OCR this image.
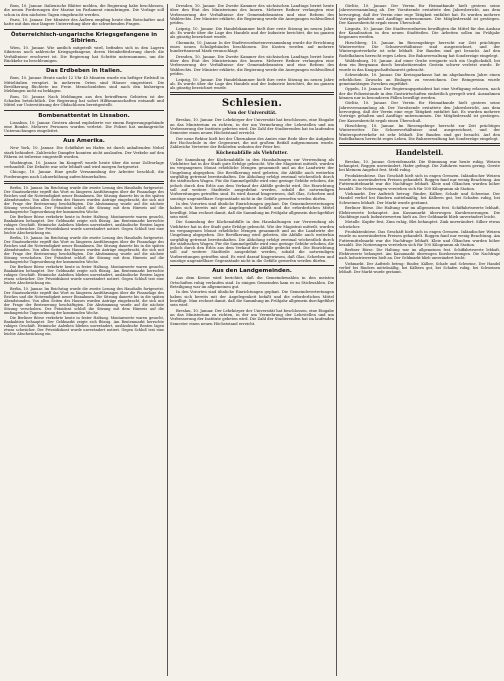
Rom, 10. Januar. Italienische Blätter melden, die Regierung habe beschlossen, die neuen Forderungen der Marine im Parlament einzubringen. Die Vorlage soll schon in den nächsten Tagen eingebracht werden.

Paris, 10. Januar. Der Minister des Äußern empfing heute den Botschafter und hatte mit ihm eine längere Unterredung über die schwebenden Fragen.

Österreichisch-ungarische Kriegsgefangene in Sibirien.

Wien, 10. Januar. Wie amtlich mitgeteilt wird, befinden sich in den Lagern Sibiriens noch zahlreiche Kriegsgefangene, deren Heimbeförderung durch die Verhältnisse erschwert ist. Die Regierung hat Schritte unternommen, um die Rückkehr zu beschleunigen.

Das Erdbeben in Italien.

Rom, 10. Januar. Heute nacht 12 Uhr 45 Minuten wurde ein heftiger Erdstoß in Mittelitalien verspürt. In mehreren Orten sind Häuser eingestürzt. Die Bevölkerung flüchtete ins Freie. Menschenleben sind nach den bisherigen Meldungen nicht zu beklagen.

Rom, 10. Januar. Nach Meldungen aus den betroffenen Gebieten ist der Schaden beträchtlich. Die Regierung hat sofort Hilfsmannschaften entsandt und Mittel zur Unterstützung der Obdachlosen bereitgestellt.

Bombenattentat in Lissabon.

Lissabon, 10. Januar. Gestern abend explodierte vor einem Regierungsgebäude eine Bombe. Mehrere Personen wurden verletzt. Die Polizei hat umfangreiche Untersuchungen eingeleitet.

Aus Amerika.

New York, 10. Januar. Die Schiffahrt im Hafen ist durch anhaltenden Nebel stark behindert. Zahlreiche Dampfer konnten nicht auslaufen. Der Verkehr auf den Fähren ist teilweise eingestellt worden.

Washington, 10. Januar. Im Kongreß wurde heute über die neue Zollvorlage verhandelt. Die Debatte war sehr lebhaft und wird morgen fortgesetzt.

Chicago, 10. Januar. Eine große Versammlung der Arbeiter beschloß, die Forderungen nach Lohnerhöhung aufrechtzuerhalten.

Berlin, 10. Januar. Im Reichstag wurde die zweite Lesung des Haushalts fortgesetzt. Der Staatssekretär ergriff das Wort zu längeren Ausführungen über die Finanzlage des Reiches und die Notwendigkeit neuer Einnahmen. Die Sitzung dauerte bis in die späten Abendstunden. Von allen Seiten des Hauses wurden Anträge eingebracht, die sich mit der Frage der Besteuerung beschäftigten. Die Abstimmung wurde auf die nächste Sitzung verschoben. Der Präsident schloß die Sitzung mit dem Hinweis auf die umfangreiche Tagesordnung der kommenden Woche.

Die Berliner Börse verkehrte heute in fester Haltung. Montanwerte waren gesucht, Bankaktien behauptet. Der Geldmarkt zeigte sich flüssig. Am Rentenmarkt herrschte ruhiges Geschäft. Heimische Anleihen blieben unverändert, ausländische Renten lagen etwas schwächer. Der Privatdiskont wurde unverändert notiert. Gegen Schluß trat eine leichte Abschwächung ein.

Berlin, 10. Januar. Im Reichstag wurde die zweite Lesung des Haushalts fortgesetzt. Der Staatssekretär ergriff das Wort zu längeren Ausführungen über die Finanzlage des Reiches und die Notwendigkeit neuer Einnahmen. Die Sitzung dauerte bis in die späten Abendstunden. Von allen Seiten des Hauses wurden Anträge eingebracht, die sich mit der Frage der Besteuerung beschäftigten. Die Abstimmung wurde auf die nächste Sitzung verschoben. Der Präsident schloß die Sitzung mit dem Hinweis auf die umfangreiche Tagesordnung der kommenden Woche.

Die Berliner Börse verkehrte heute in fester Haltung. Montanwerte waren gesucht, Bankaktien behauptet. Der Geldmarkt zeigte sich flüssig. Am Rentenmarkt herrschte ruhiges Geschäft. Heimische Anleihen blieben unverändert, ausländische Renten lagen etwas schwächer. Der Privatdiskont wurde unverändert notiert. Gegen Schluß trat eine leichte Abschwächung ein.

Berlin, 10. Januar. Im Reichstag wurde die zweite Lesung des Haushalts fortgesetzt. Der Staatssekretär ergriff das Wort zu längeren Ausführungen über die Finanzlage des Reiches und die Notwendigkeit neuer Einnahmen. Die Sitzung dauerte bis in die späten Abendstunden. Von allen Seiten des Hauses wurden Anträge eingebracht, die sich mit der Frage der Besteuerung beschäftigten. Die Abstimmung wurde auf die nächste Sitzung verschoben. Der Präsident schloß die Sitzung mit dem Hinweis auf die umfangreiche Tagesordnung der kommenden Woche.

Die Berliner Börse verkehrte heute in fester Haltung. Montanwerte waren gesucht, Bankaktien behauptet. Der Geldmarkt zeigte sich flüssig. Am Rentenmarkt herrschte ruhiges Geschäft. Heimische Anleihen blieben unverändert, ausländische Renten lagen etwas schwächer. Der Privatdiskont wurde unverändert notiert. Gegen Schluß trat eine leichte Abschwächung ein.

Dresden, 10. Januar. Die Zweite Kammer des sächsischen Landtags beriet heute über den Etat des Ministeriums des Innern. Mehrere Redner verlangten eine Verbesserung der Verhältnisse der Gemeindebeamten und eine Reform des Wahlrechts. Der Minister erklärte, die Regierung werde die Anregungen wohlwollend prüfen.

Leipzig, 10. Januar. Die Handelskammer hielt ihre erste Sitzung im neuen Jahre ab. Es wurde über die Lage des Handels und der Industrie berichtet, die im ganzen als günstig bezeichnet wurde.

Chemnitz, 10. Januar. In der Stadtverordnetenversammlung wurde die Errichtung eines neuen Schulgebäudes beschlossen. Die Kosten werden auf mehrere hunderttausend Mark veranschlagt.

Dresden, 10. Januar. Die Zweite Kammer des sächsischen Landtags beriet heute über den Etat des Ministeriums des Innern. Mehrere Redner verlangten eine Verbesserung der Verhältnisse der Gemeindebeamten und eine Reform des Wahlrechts. Der Minister erklärte, die Regierung werde die Anregungen wohlwollend prüfen.

Leipzig, 10. Januar. Die Handelskammer hielt ihre erste Sitzung im neuen Jahre ab. Es wurde über die Lage des Handels und der Industrie berichtet, die im ganzen als günstig bezeichnet wurde.

Schlesien.
Von der Universität.

Breslau, 10. Januar. Der Lehrkörper der Universität hat beschlossen, eine Eingabe an das Ministerium zu richten, in der um Vermehrung der Lehrstellen und um Verbesserung der Institute gebeten wird. Die Zahl der Studierenden hat im laufenden Semester einen neuen Höchststand erreicht.

Der neue Rektor hielt bei der Übernahme des Amtes eine Rede über die Aufgaben der Hochschule in der Gegenwart, die mit großem Beifall aufgenommen wurde. Zahlreiche Vertreter der Behörden wohnten der Feier bei.

Küchenabfälle als Viehfutter.

Die Sammlung der Küchenabfälle in den Haushaltungen zur Verwendung als Viehfutter hat in der Stadt gute Erfolge gebracht. Wie der Magistrat mitteilt, wurden im vergangenen Monat erhebliche Mengen gesammelt und an die Landwirte der Umgebung abgegeben. Die Bevölkerung wird gebeten, die Abfälle auch weiterhin sorgfältig getrennt bereitzuhalten. Die Abholung erfolgt zweimal wöchentlich durch die städtischen Wagen. Für die Sammelgefäße wird eine geringe Gebühr erhoben, die jedoch durch den Erlös aus dem Verkauf der Abfälle gedeckt wird. Die Einrichtung soll auf weitere Stadtteile ausgedehnt werden, sobald die notwendigen Vorbereitungen getroffen sind. Es wird darauf hingewiesen, daß Glas, Scherben und sonstige ungenießbare Gegenstände nicht in die Gefäße geworfen werden dürfen.

In den Vororten sind ähnliche Einrichtungen geplant. Die Gemeindevertretungen haben sich bereits mit der Angelegenheit befaßt und die erforderlichen Mittel bewilligt. Man rechnet damit, daß die Sammlung im Frühjahr allgemein durchgeführt sein wird.

Die Sammlung der Küchenabfälle in den Haushaltungen zur Verwendung als Viehfutter hat in der Stadt gute Erfolge gebracht. Wie der Magistrat mitteilt, wurden im vergangenen Monat erhebliche Mengen gesammelt und an die Landwirte der Umgebung abgegeben. Die Bevölkerung wird gebeten, die Abfälle auch weiterhin sorgfältig getrennt bereitzuhalten. Die Abholung erfolgt zweimal wöchentlich durch die städtischen Wagen. Für die Sammelgefäße wird eine geringe Gebühr erhoben, die jedoch durch den Erlös aus dem Verkauf der Abfälle gedeckt wird. Die Einrichtung soll auf weitere Stadtteile ausgedehnt werden, sobald die notwendigen Vorbereitungen getroffen sind. Es wird darauf hingewiesen, daß Glas, Scherben und sonstige ungenießbare Gegenstände nicht in die Gefäße geworfen werden dürfen.

Aus den Landgemeinden.

Aus dem Kreise wird berichtet, daß die Gemeindewahlen in den meisten Ortschaften ruhig verlaufen sind. In einigen Gemeinden kam es zu Stichwahlen. Die Beteiligung war im allgemeinen gut.

In den Vororten sind ähnliche Einrichtungen geplant. Die Gemeindevertretungen haben sich bereits mit der Angelegenheit befaßt und die erforderlichen Mittel bewilligt. Man rechnet damit, daß die Sammlung im Frühjahr allgemein durchgeführt sein wird.

Breslau, 10. Januar. Der Lehrkörper der Universität hat beschlossen, eine Eingabe an das Ministerium zu richten, in der um Vermehrung der Lehrstellen und um Verbesserung der Institute gebeten wird. Die Zahl der Studierenden hat im laufenden Semester einen neuen Höchststand erreicht.

Görlitz, 10. Januar. Der Verein für Heimatkunde hielt gestern seine Jahresversammlung ab. Der Vorsitzende erstattete den Jahresbericht, aus dem hervorging, daß der Verein eine rege Tätigkeit entfaltet hat. Es wurden mehrere Vorträge gehalten und Ausflüge unternommen. Die Mitgliederzahl ist gestiegen. Der Kassenbericht ergab einen Überschuß.

Liegnitz, 10. Januar. Die Stadtverordneten bewilligten die Mittel für den Ausbau der Kanalisation in den neuen Stadtteilen. Die Arbeiten sollen im Frühjahr begonnen werden.

Hirschberg, 10. Januar. Im Riesengebirge herrscht zur Zeit prächtiges Winterwetter. Die Schneeverhältnisse sind ausgezeichnet, und der Wintersportverkehr ist sehr lebhaft. Die Bauden sind gut besucht. Auf den Rodelbahnen herrscht reges Leben. Die Bahnverwaltung hat Sonderzüge eingelegt.

Waldenburg, 10. Januar. Auf einer Grube ereignete sich ein Unglücksfall, bei dem ein Bergmann durch herabstürzendes Gestein schwer verletzt wurde. Er wurde in das Knappschaftslazarett gebracht.

Schweidnitz, 10. Januar. Die Kreissparkasse hat im abgelaufenen Jahre einen erheblichen Zuwachs an Einlagen zu verzeichnen. Der Reingewinn wurde gemeinnützigen Zwecken zugeführt.

Oppeln, 10. Januar. Der Regierungspräsident hat eine Verfügung erlassen, nach der die Polizeistunde in den Gastwirtschaften einheitlich geregelt wird. Ausnahmen können nur in besonderen Fällen bewilligt werden.

Görlitz, 10. Januar. Der Verein für Heimatkunde hielt gestern seine Jahresversammlung ab. Der Vorsitzende erstattete den Jahresbericht, aus dem hervorging, daß der Verein eine rege Tätigkeit entfaltet hat. Es wurden mehrere Vorträge gehalten und Ausflüge unternommen. Die Mitgliederzahl ist gestiegen. Der Kassenbericht ergab einen Überschuß.

Hirschberg, 10. Januar. Im Riesengebirge herrscht zur Zeit prächtiges Winterwetter. Die Schneeverhältnisse sind ausgezeichnet, und der Wintersportverkehr ist sehr lebhaft. Die Bauden sind gut besucht. Auf den Rodelbahnen herrscht reges Leben. Die Bahnverwaltung hat Sonderzüge eingelegt.

Handelsteil.

Breslau, 10. Januar. Getreidemarkt. Die Stimmung war heute ruhig. Weizen behauptet, Roggen unverändert, Hafer gefragt. Die Zufuhren waren gering. Gerste bei kleinem Angebot fest. Mehl ruhig.

Produktenbörse. Das Geschäft hielt sich in engen Grenzen. Inländischer Weizen wurde zu unveränderten Preisen gehandelt. Roggen fand nur wenig Beachtung. Am Futtermittelmarkt war die Nachfrage lebhaft. Kleie und Ölkuchen wurden höher bezahlt. Die Notierungen verstehen sich für 100 Kilogramm ab Station.

Viehmarkt. Der Auftrieb betrug: Rinder, Kälber, Schafe und Schweine. Der Handel verlief bei Rindern mittelmäßig, bei Kälbern gut, bei Schafen ruhig, bei Schweinen lebhaft. Der Markt wurde geräumt.

Berliner Börse. Die Haltung war im allgemeinen fest. Schiffahrtswerte lebhaft, Elektrowerte behauptet. Am Kassamarkt überwogen Kursbesserungen. Die Nachfrage nach Industriewerten hielt an. Der Geldmarkt blieb unverändert leicht.

Metalle. Kupfer fest, Zinn ruhig, Blei behauptet. Zink unverändert. Silber etwas schwächer.

Produktenbörse. Das Geschäft hielt sich in engen Grenzen. Inländischer Weizen wurde zu unveränderten Preisen gehandelt. Roggen fand nur wenig Beachtung. Am Futtermittelmarkt war die Nachfrage lebhaft. Kleie und Ölkuchen wurden höher bezahlt. Die Notierungen verstehen sich für 100 Kilogramm ab Station.

Berliner Börse. Die Haltung war im allgemeinen fest. Schiffahrtswerte lebhaft, Elektrowerte behauptet. Am Kassamarkt überwogen Kursbesserungen. Die Nachfrage nach Industriewerten hielt an. Der Geldmarkt blieb unverändert leicht.

Viehmarkt. Der Auftrieb betrug: Rinder, Kälber, Schafe und Schweine. Der Handel verlief bei Rindern mittelmäßig, bei Kälbern gut, bei Schafen ruhig, bei Schweinen lebhaft. Der Markt wurde geräumt.
